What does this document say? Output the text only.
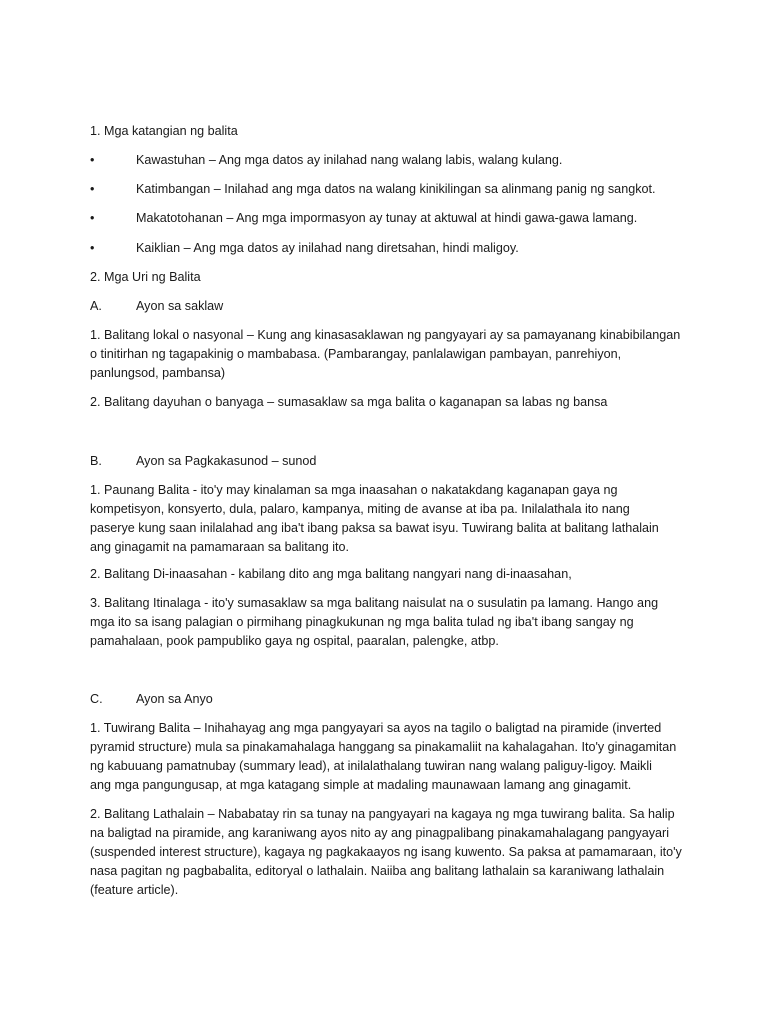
1. Mga katangian ng balita
•	Kawastuhan – Ang mga datos ay inilahad nang walang labis, walang kulang.
•	Katimbangan – Inilahad ang mga datos na walang kinikilingan sa alinmang panig ng sangkot.
•	Makatotohanan – Ang mga impormasyon ay tunay at aktuwal at hindi gawa-gawa lamang.
•	Kaiklian – Ang mga datos ay inilahad nang diretsahan, hindi maligoy.
2. Mga Uri ng Balita
A.	Ayon sa saklaw
1. Balitang lokal o nasyonal – Kung ang kinasasaklawan ng pangyayari ay sa pamayanang kinabibilangan
o tinitirhan ng tagapakinig o mambabasa. (Pambarangay, panlalawigan pambayan, panrehiyon,
panlungsod, pambansa)
2. Balitang dayuhan o banyaga – sumasaklaw sa mga balita o kaganapan sa labas ng bansa
B.	Ayon sa Pagkakasunod – sunod
1. Paunang Balita - ito'y may kinalaman sa mga inaasahan o nakatakdang kaganapan gaya ng
kompetisyon, konsyerto, dula, palaro, kampanya, miting de avanse at iba pa. Inilalathala ito nang
paserye kung saan inilalahad ang iba't ibang paksa sa bawat isyu. Tuwirang balita at balitang lathalain
ang ginagamit na pamamaraan sa balitang ito.
2. Balitang Di-inaasahan - kabilang dito ang mga balitang nangyari nang di-inaasahan,
3. Balitang Itinalaga - ito'y sumasaklaw sa mga balitang naisulat na o susulatin pa lamang. Hango ang
mga ito sa isang palagian o pirmihang pinagkukunan ng mga balita tulad ng iba't ibang sangay ng
pamahalaan, pook pampubliko gaya ng ospital, paaralan, palengke, atbp.
C.	Ayon sa Anyo
1. Tuwirang Balita – Inihahayag ang mga pangyayari sa ayos na tagilo o baligtad na piramide (inverted
pyramid structure) mula sa pinakamahalaga hanggang sa pinakamaliit na kahalagahan. Ito'y ginagamitan
ng kabuuang pamatnubay (summary lead), at inilalathalang tuwiran nang walang paliguy-ligoy. Maikli
ang mga pangungusap, at mga katagang simple at madaling maunawaan lamang ang ginagamit.
2. Balitang Lathalain – Nababatay rin sa tunay na pangyayari na kagaya ng mga tuwirang balita. Sa halip
na baligtad na piramide, ang karaniwang ayos nito ay ang pinagpalibang pinakamahalagang pangyayari
(suspended interest structure), kagaya ng pagkakaayos ng isang kuwento. Sa paksa at pamamaraan, ito'y
nasa pagitan ng pagbabalita, editoryal o lathalain. Naiiba ang balitang lathalain sa karaniwang lathalain
(feature article).
